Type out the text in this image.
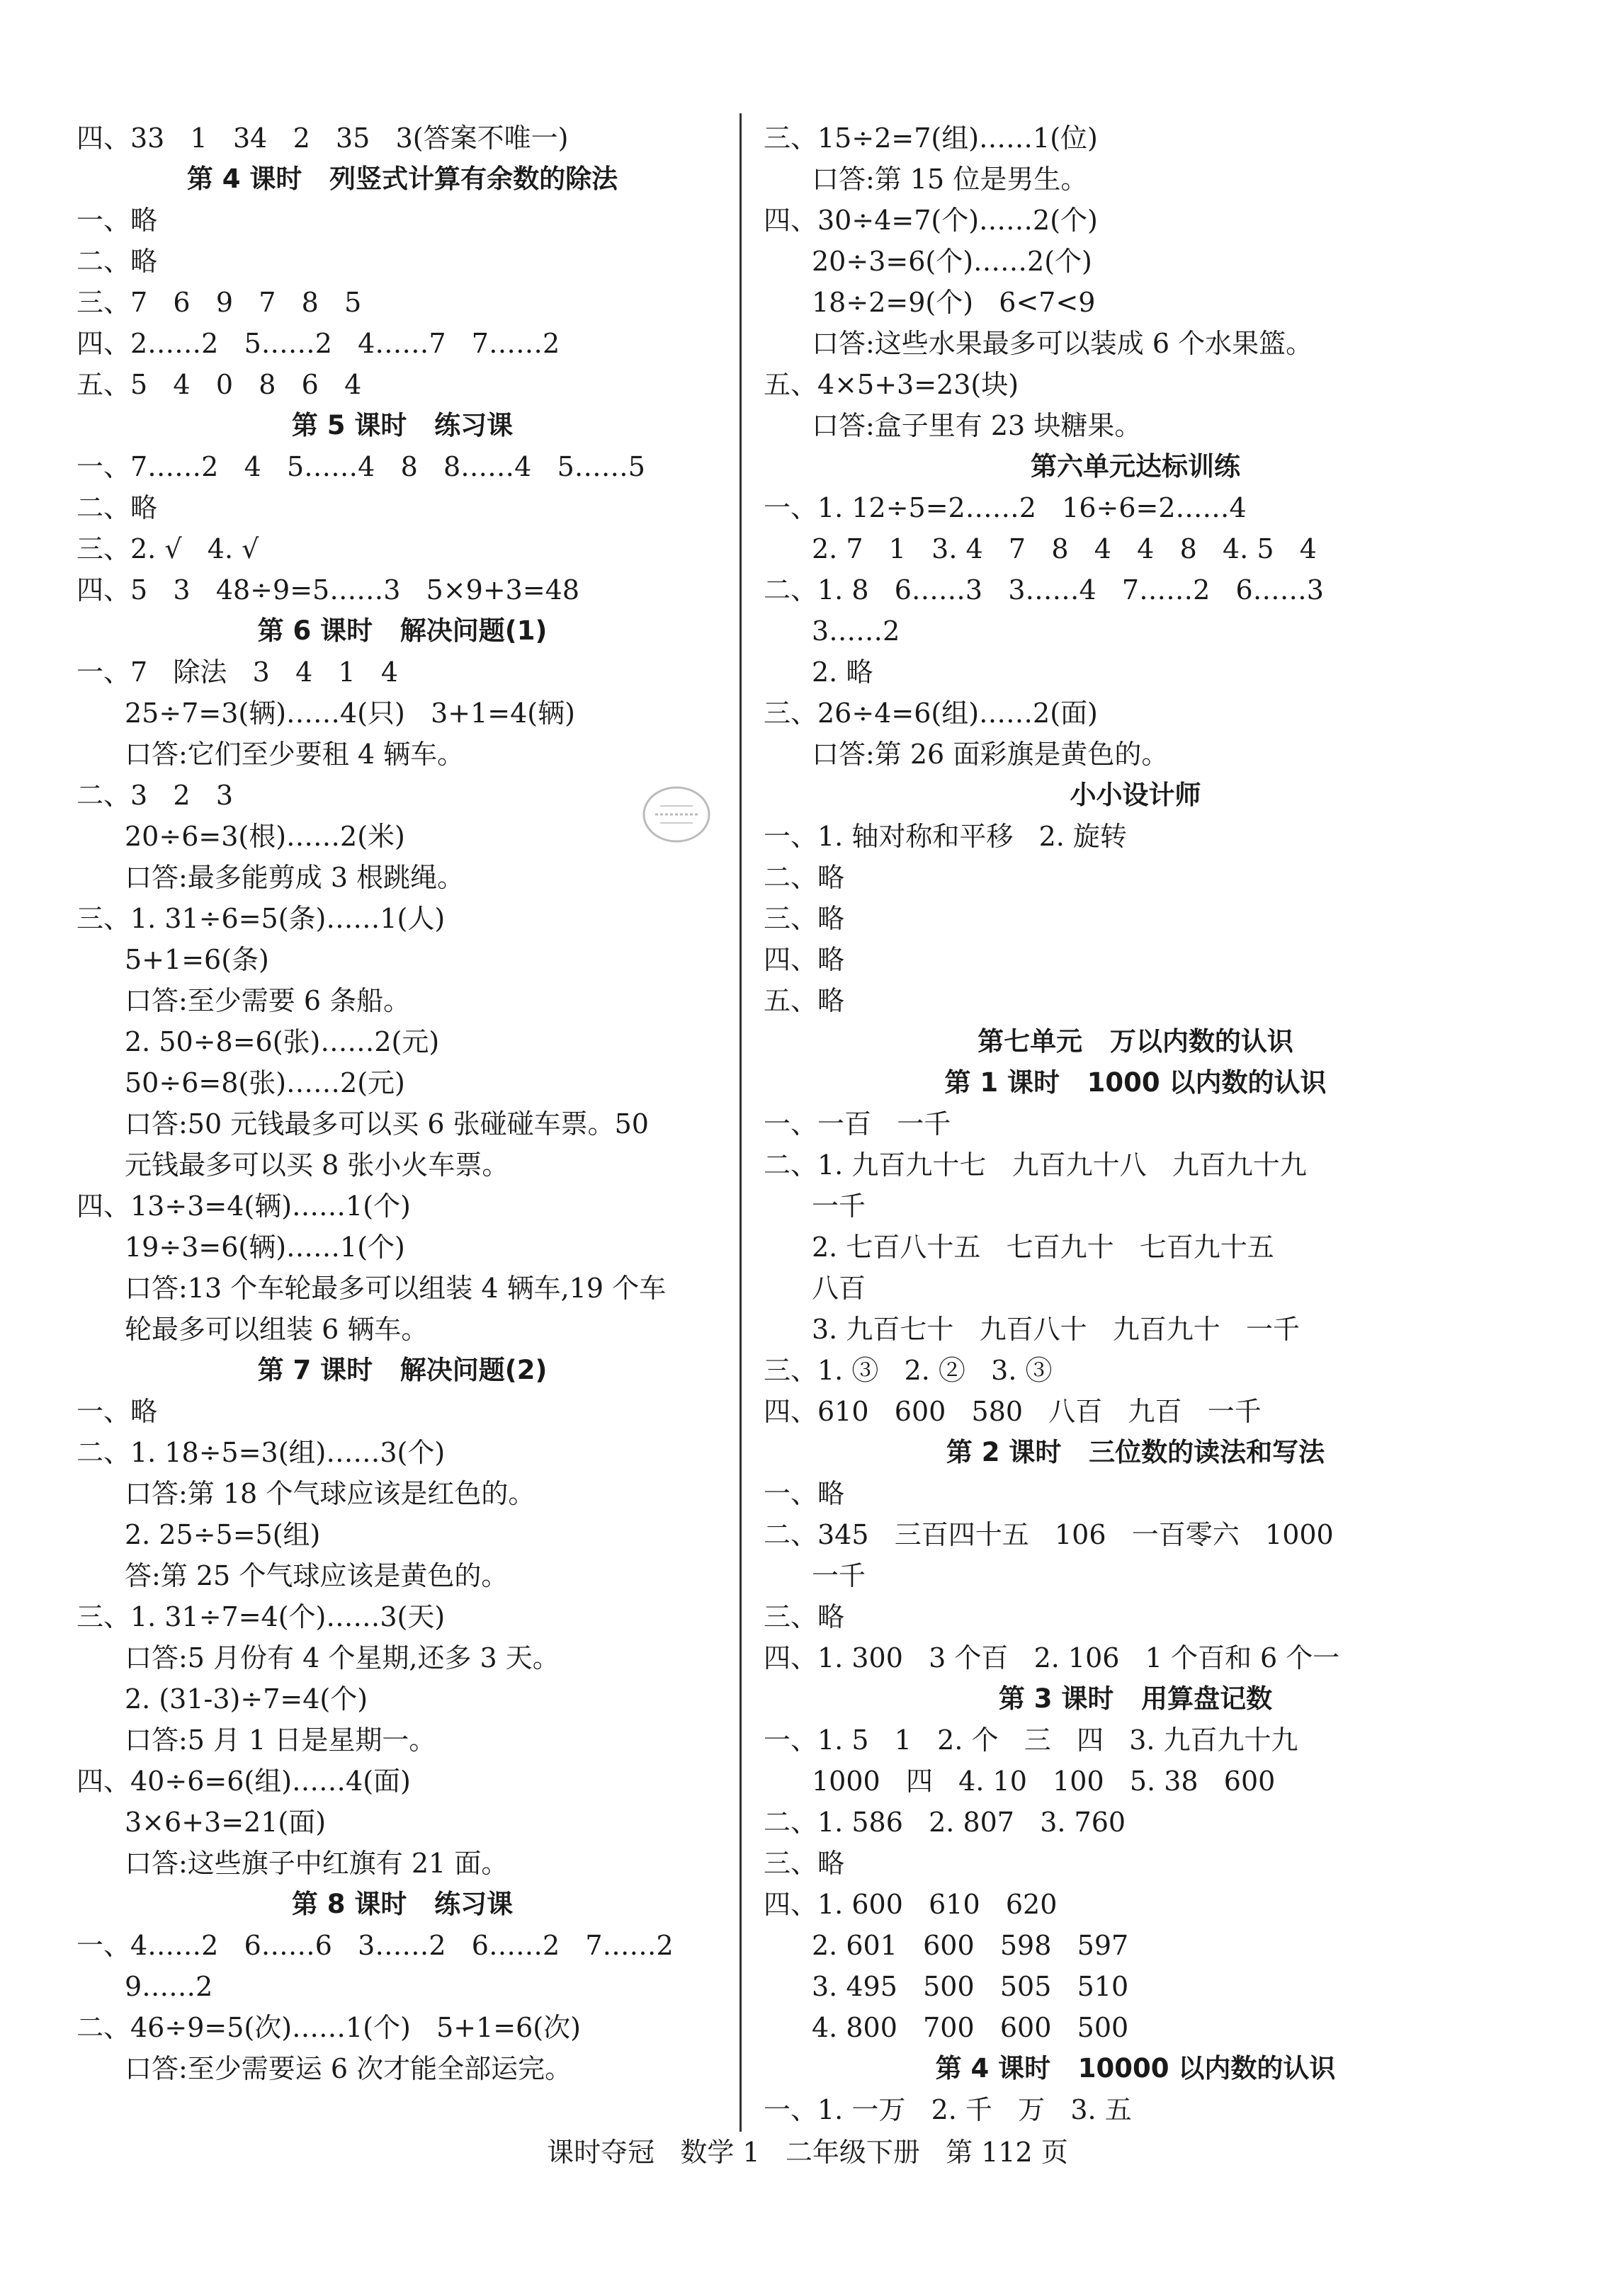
四、33   1   34   2   35   3(答案不唯一)
第 4 课时   列竖式计算有余数的除法
一、略
二、略
三、7   6   9   7   8   5
四、2……2   5……2   4……7   7……2
五、5   4   0   8   6   4
第 5 课时   练习课
一、7……2   4   5……4   8   8……4   5……5
二、略
三、2. √   4. √
四、5   3   48÷9=5……3   5×9+3=48
第 6 课时   解决问题(1)
一、7   除法   3   4   1   4
25÷7=3(辆)……4(只)   3+1=4(辆)
口答:它们至少要租 4 辆车。
二、3   2   3
20÷6=3(根)……2(米)
口答:最多能剪成 3 根跳绳。
三、1. 31÷6=5(条)……1(人)
5+1=6(条)
口答:至少需要 6 条船。
2. 50÷8=6(张)……2(元)
50÷6=8(张)……2(元)
口答:50 元钱最多可以买 6 张碰碰车票。50
元钱最多可以买 8 张小火车票。
四、13÷3=4(辆)……1(个)
19÷3=6(辆)……1(个)
口答:13 个车轮最多可以组装 4 辆车,19 个车
轮最多可以组装 6 辆车。
第 7 课时   解决问题(2)
一、略
二、1. 18÷5=3(组)……3(个)
口答:第 18 个气球应该是红色的。
2. 25÷5=5(组)
答:第 25 个气球应该是黄色的。
三、1. 31÷7=4(个)……3(天)
口答:5 月份有 4 个星期,还多 3 天。
2. (31-3)÷7=4(个)
口答:5 月 1 日是星期一。
四、40÷6=6(组)……4(面)
3×6+3=21(面)
口答:这些旗子中红旗有 21 面。
第 8 课时   练习课
一、4……2   6……6   3……2   6……2   7……2
9……2
二、46÷9=5(次)……1(个)   5+1=6(次)
口答:至少需要运 6 次才能全部运完。
三、15÷2=7(组)……1(位)
口答:第 15 位是男生。
四、30÷4=7(个)……2(个)
20÷3=6(个)……2(个)
18÷2=9(个)   6<7<9
口答:这些水果最多可以装成 6 个水果篮。
五、4×5+3=23(块)
口答:盒子里有 23 块糖果。
第六单元达标训练
一、1. 12÷5=2……2   16÷6=2……4
2. 7   1   3. 4   7   8   4   4   8   4. 5   4
二、1. 8   6……3   3……4   7……2   6……3
3……2
2. 略
三、26÷4=6(组)……2(面)
口答:第 26 面彩旗是黄色的。
小小设计师
一、1. 轴对称和平移   2. 旋转
二、略
三、略
四、略
五、略
第七单元   万以内数的认识
第 1 课时   1000 以内数的认识
一、一百   一千
二、1. 九百九十七   九百九十八   九百九十九
一千
2. 七百八十五   七百九十   七百九十五
八百
3. 九百七十   九百八十   九百九十   一千
三、1. ③   2. ②   3. ③
四、610   600   580   八百   九百   一千
第 2 课时   三位数的读法和写法
一、略
二、345   三百四十五   106   一百零六   1000
一千
三、略
四、1. 300   3 个百   2. 106   1 个百和 6 个一
第 3 课时   用算盘记数
一、1. 5   1   2. 个   三   四   3. 九百九十九
1000   四   4. 10   100   5. 38   600
二、1. 586   2. 807   3. 760
三、略
四、1. 600   610   620
2. 601   600   598   597
3. 495   500   505   510
4. 800   700   600   500
第 4 课时   10000 以内数的认识
一、1. 一万   2. 千   万   3. 五
课时夺冠   数学 1   二年级下册   第 112 页
